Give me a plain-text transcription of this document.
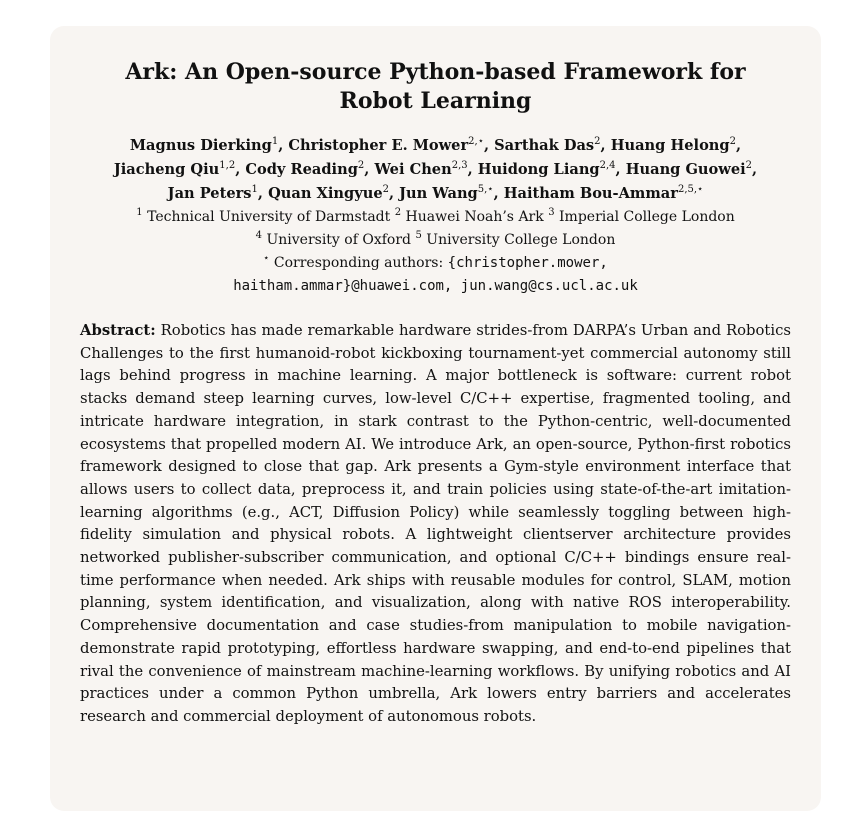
Ark: An Open-source Python-based Framework for
Robot Learning
Magnus Dierking$^1$, Christopher E. Mower$^{2,⋆}$, Sarthak Das$^2$, Huang Helong$^2$,
Jiacheng Qiu$^{1,2}$, Cody Reading$^2$, Wei Chen$^{2,3}$, Huidong Liang$^{2,4}$, Huang Guowei$^2$,
Jan Peters$^1$, Quan Xingyue$^2$, Jun Wang$^{5,⋆}$, Haitham Bou-Ammar$^{2,5,⋆}$
$^1$ Technical University of Darmstadt $^2$ Huawei Noah’s Ark $^3$ Imperial College London
$^4$ University of Oxford $^5$ University College London
⋆ Corresponding authors: {christopher.mower,
haitham.ammar}@huawei.com, jun.wang@cs.ucl.ac.uk

Abstract: Robotics has made remarkable hardware strides-from DARPA’s Urban and Robotics Challenges to the first humanoid-robot kickboxing tournament-yet commercial autonomy still lags behind progress in machine learning. A major bottleneck is software: current robot stacks demand steep learning curves, low-level C/C++ expertise, fragmented tooling, and intricate hardware integration, in stark contrast to the Python-centric, well-documented ecosystems that propelled modern AI. We introduce Ark, an open-source, Python-first robotics framework designed to close that gap. Ark presents a Gym-style environment interface that allows users to collect data, preprocess it, and train policies using state-of-the-art imitation-learning algorithms (e.g., ACT, Diffusion Policy) while seamlessly toggling between high-fidelity simulation and physical robots. A lightweight clientserver architecture provides networked publisher-subscriber communication, and optional C/C++ bindings ensure real-time performance when needed. Ark ships with reusable modules for control, SLAM, motion planning, system identification, and visualization, along with native ROS interoperability. Comprehensive documentation and case studies-from manipulation to mobile navigation-demonstrate rapid prototyping, effortless hardware swapping, and end-to-end pipelines that rival the convenience of mainstream machine-learning workflows. By unifying robotics and AI practices under a common Python umbrella, Ark lowers entry barriers and accelerates research and commercial deployment of autonomous robots.
